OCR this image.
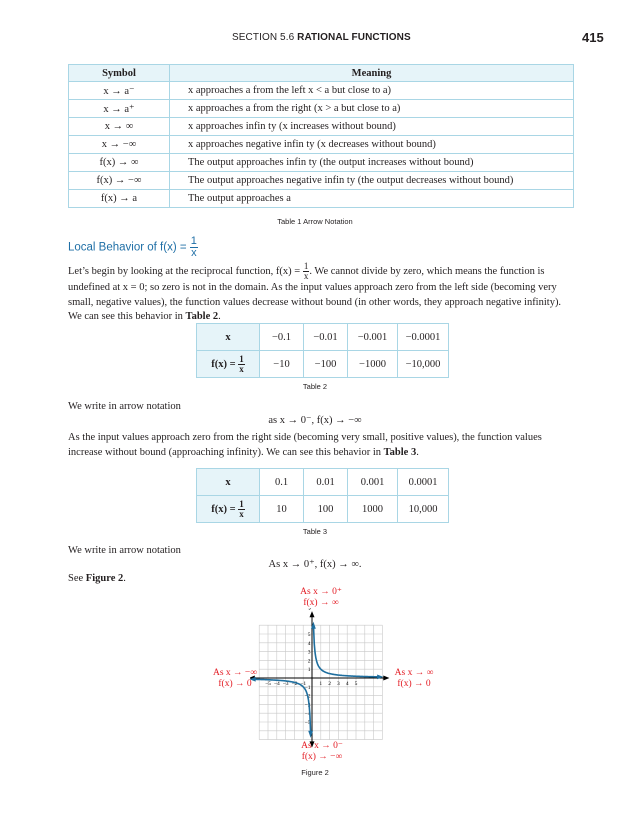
SECTION 5.6 RATIONAL FUNCTIONS	415
Symbol	Meaning
x → a⁻	x approaches a from the left x < a but close to a)
x → a⁺	x approaches a from the right (x > a but close to a)
x → ∞	x approaches infin ty (x increases without bound)
x → −∞	x approaches negative infin ty (x decreases without bound)
f(x) → ∞	The output approaches infin ty (the output increases without bound)
f(x) → −∞	The output approaches negative infin ty (the output decreases without bound)
f(x) → a	The output approaches a
Table 1 Arrow Notation
Local Behavior of $f(x) = \frac{1}{x}$
Let’s begin by looking at the reciprocal function, $f(x) = \frac{1}{x}$ . We cannot divide by zero, which means the function is undefined at x = 0; so zero is not in the domain. As the input values approach zero from the left side (becoming very small, negative values), the function values decrease without bound (in other words, they approach negative infinity). We can see this behavior in Table 2.
x	−0.1	−0.01	−0.001	−0.0001
$f(x) = \frac{1}{x}$	−10	−100	−1000	−10,000
Table 2
We write in arrow notation
as x → 0⁻, f(x) → −∞
As the input values approach zero from the right side (becoming very small, positive values), the function values increase without bound (approaching infinity). We can see this behavior in Table 3.
x	0.1	0.01	0.001	0.0001
$f(x) = \frac{1}{x}$	10	100	1000	10,000
Table 3
We write in arrow notation
As x → 0⁺, f(x) → ∞.
See Figure 2.
−5 −4 −3 −2 −1 1 2 3 4 5
5
4
3
2
1
−1
−2
−3
−4
−5
As x → 0⁺
f(x) → ∞
As x → −∞
f(x) → 0
As x → ∞
f(x) → 0
As x → 0⁻
f(x) → −∞
Figure 2
